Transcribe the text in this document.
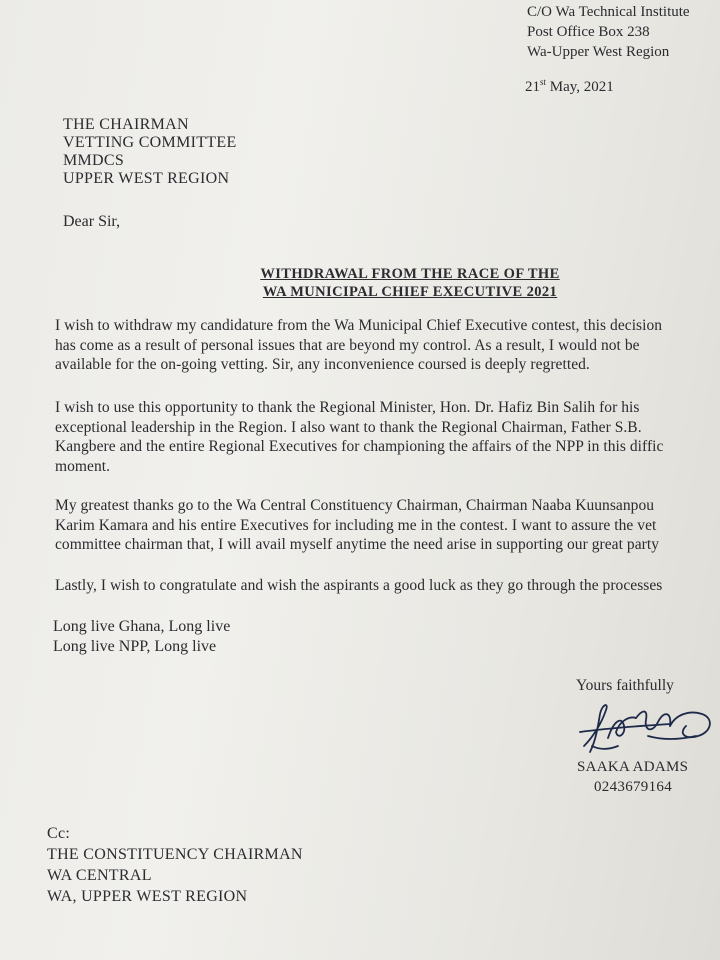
C/O Wa Technical Institute
Post Office Box 238
Wa-Upper West Region
21st May, 2021
THE CHAIRMAN
VETTING COMMITTEE
MMDCS
UPPER WEST REGION
Dear Sir,
WITHDRAWAL FROM THE RACE OF THE
WA MUNICIPAL CHIEF EXECUTIVE 2021
I wish to withdraw my candidature from the Wa Municipal Chief Executive contest, this decision
has come as a result of personal issues that are beyond my control. As a result, I would not be
available for the on-going vetting. Sir, any inconvenience coursed is deeply regretted.
I wish to use this opportunity to thank the Regional Minister, Hon. Dr. Hafiz Bin Salih for his
exceptional leadership in the Region. I also want to thank the Regional Chairman, Father S.B.
Kangbere and the entire Regional Executives for championing the affairs of the NPP in this diffic
moment.
My greatest thanks go to the Wa Central Constituency Chairman, Chairman Naaba Kuunsanpou
Karim Kamara and his entire Executives for including me in the contest. I want to assure the vet
committee chairman that, I will avail myself anytime the need arise in supporting our great party
Lastly, I wish to congratulate and wish the aspirants a good luck as they go through the processes
Long live Ghana, Long live
Long live NPP, Long live
Yours faithfully
SAAKA ADAMS
0243679164
Cc:
THE CONSTITUENCY CHAIRMAN
WA CENTRAL
WA, UPPER WEST REGION
